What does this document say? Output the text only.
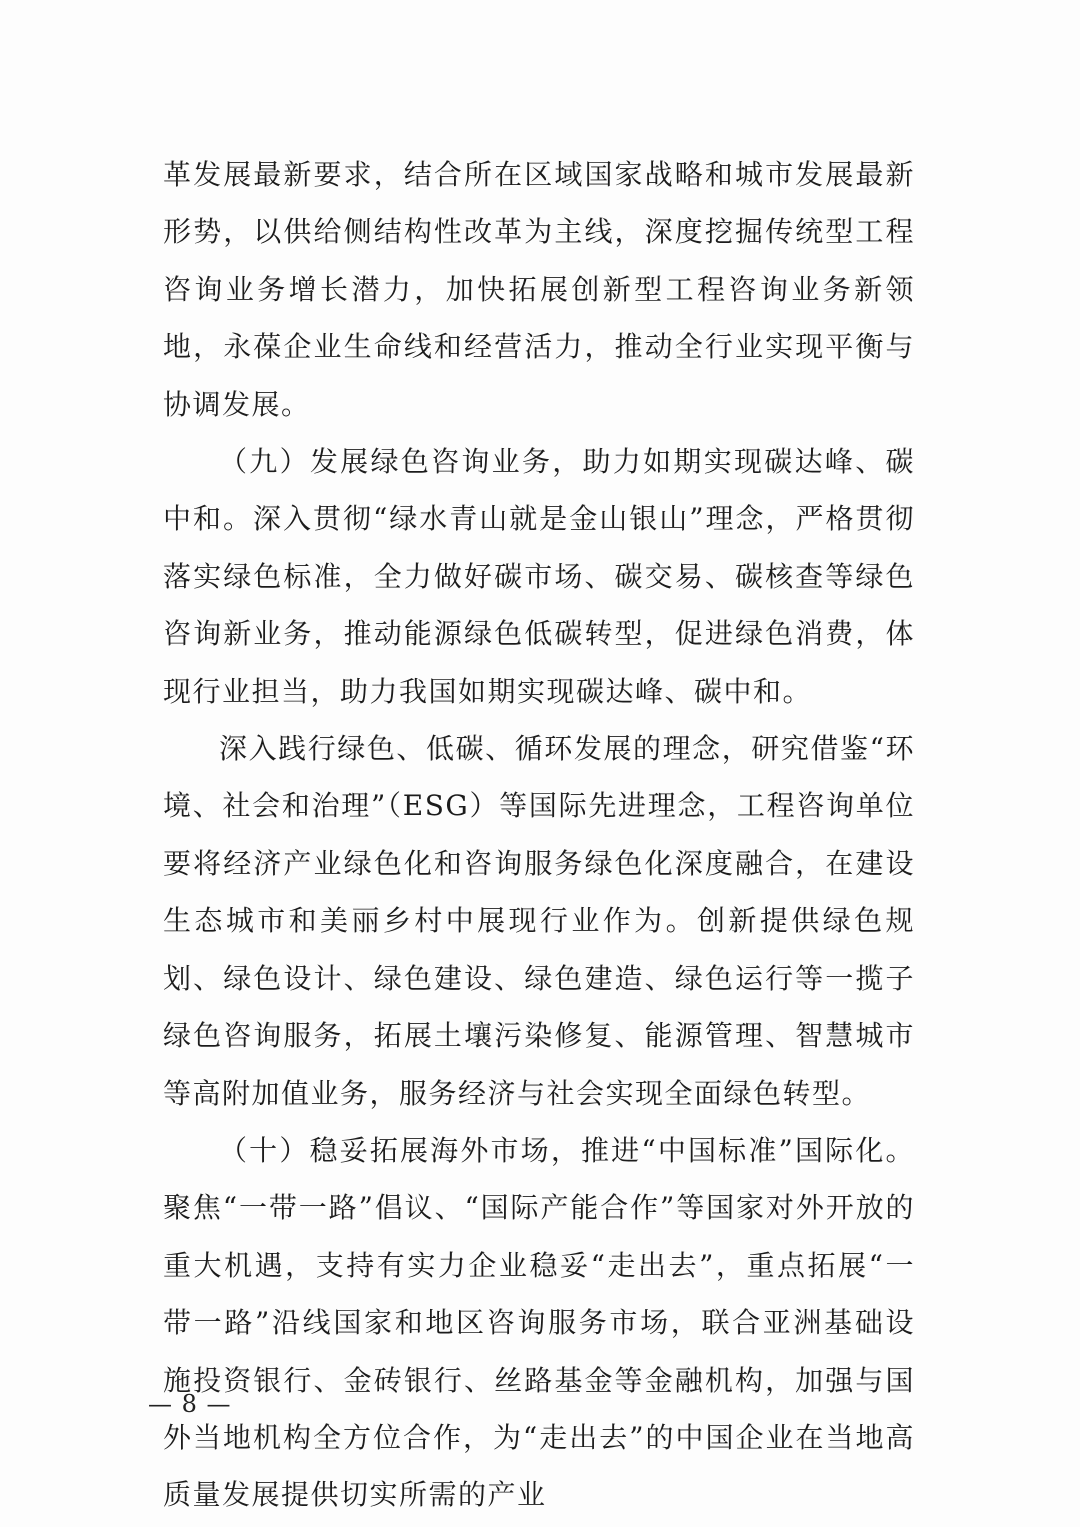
革发展最新要求，结合所在区域国家战略和城市发展最新形势，以供给侧结构性改革为主线，深度挖掘传统型工程咨询业务增长潜力，加快拓展创新型工程咨询业务新领地，永葆企业生命线和经营活力，推动全行业实现平衡与协调发展。

（九）发展绿色咨询业务，助力如期实现碳达峰、碳中和。深入贯彻“绿水青山就是金山银山”理念，严格贯彻落实绿色标准，全力做好碳市场、碳交易、碳核查等绿色咨询新业务，推动能源绿色低碳转型，促进绿色消费，体现行业担当，助力我国如期实现碳达峰、碳中和。

深入践行绿色、低碳、循环发展的理念，研究借鉴“环境、社会和治理”（ESG）等国际先进理念，工程咨询单位要将经济产业绿色化和咨询服务绿色化深度融合，在建设生态城市和美丽乡村中展现行业作为。创新提供绿色规划、绿色设计、绿色建设、绿色建造、绿色运行等一揽子绿色咨询服务，拓展土壤污染修复、能源管理、智慧城市等高附加值业务，服务经济与社会实现全面绿色转型。

（十）稳妥拓展海外市场，推进“中国标准”国际化。聚焦“一带一路”倡议、“国际产能合作”等国家对外开放的重大机遇，支持有实力企业稳妥“走出去”，重点拓展“一带一路”沿线国家和地区咨询服务市场，联合亚洲基础设施投资银行、金砖银行、丝路基金等金融机构，加强与国外当地机构全方位合作，为“走出去”的中国企业在当地高质量发展提供切实所需的产业

— 8 —
